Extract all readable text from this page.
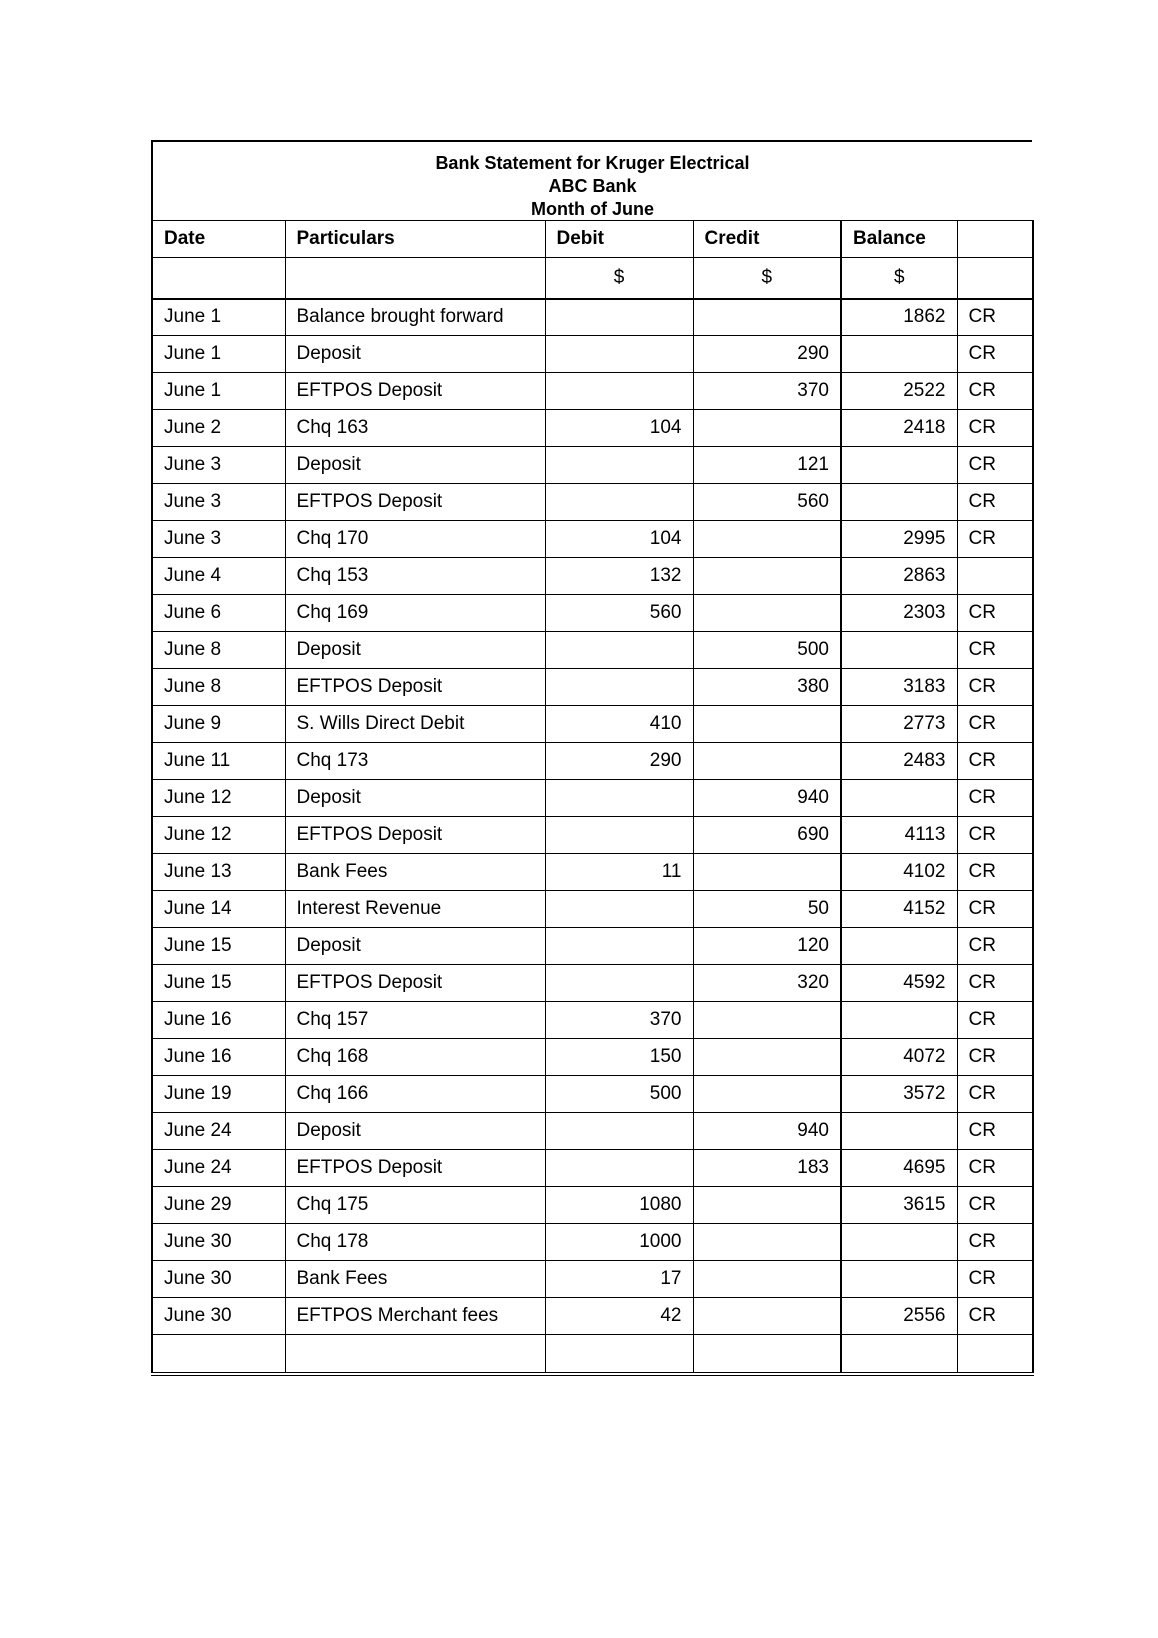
Bank Statement for Kruger Electrical
ABC Bank
Month of June
Date	Particulars	Debit	Credit	Balance	
		$	$	$	
June 1	Balance brought forward			1862	CR
June 1	Deposit		290		CR
June 1	EFTPOS Deposit		370	2522	CR
June 2	Chq 163	104		2418	CR
June 3	Deposit		121		CR
June 3	EFTPOS Deposit		560		CR
June 3	Chq 170	104		2995	CR
June 4	Chq 153	132		2863	
June 6	Chq 169	560		2303	CR
June 8	Deposit		500		CR
June 8	EFTPOS Deposit		380	3183	CR
June 9	S. Wills Direct Debit	410		2773	CR
June 11	Chq 173	290		2483	CR
June 12	Deposit		940		CR
June 12	EFTPOS Deposit		690	4113	CR
June 13	Bank Fees	11		4102	CR
June 14	Interest Revenue		50	4152	CR
June 15	Deposit		120		CR
June 15	EFTPOS Deposit		320	4592	CR
June 16	Chq 157	370			CR
June 16	Chq 168	150		4072	CR
June 19	Chq 166	500		3572	CR
June 24	Deposit		940		CR
June 24	EFTPOS Deposit		183	4695	CR
June 29	Chq 175	1080		3615	CR
June 30	Chq 178	1000			CR
June 30	Bank Fees	17			CR
June 30	EFTPOS Merchant fees	42		2556	CR
